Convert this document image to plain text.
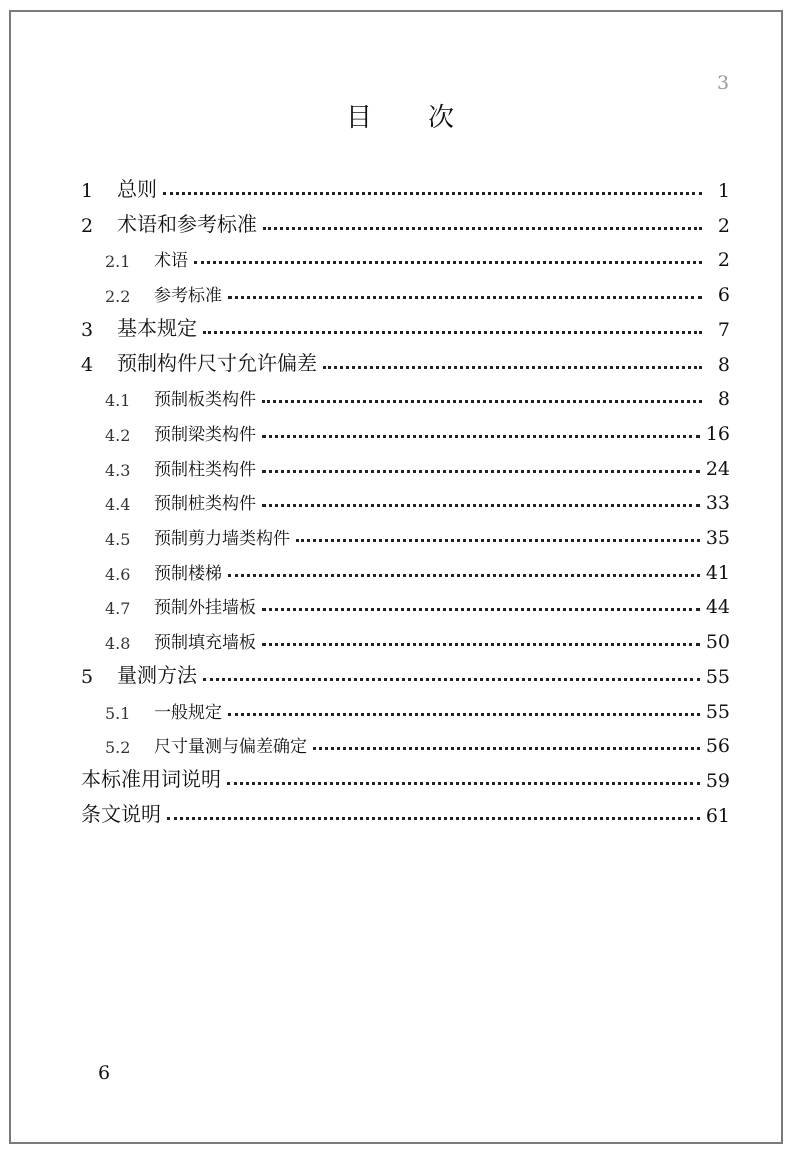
3
目 次
1	总则	1
2	术语和参考标准	2
2.1	术语	2
2.2	参考标准	6
3	基本规定	7
4	预制构件尺寸允许偏差	8
4.1	预制板类构件	8
4.2	预制梁类构件	16
4.3	预制柱类构件	24
4.4	预制桩类构件	33
4.5	预制剪力墙类构件	35
4.6	预制楼梯	41
4.7	预制外挂墙板	44
4.8	预制填充墙板	50
5	量测方法	55
5.1	一般规定	55
5.2	尺寸量测与偏差确定	56
本标准用词说明	59
条文说明	61
6
